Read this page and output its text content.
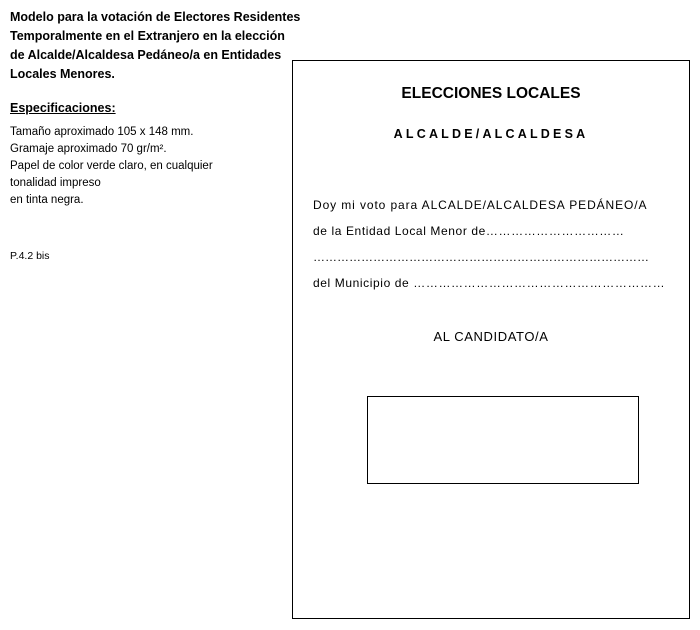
Modelo para la votación de Electores Residentes
Temporalmente en el Extranjero en la elección
de Alcalde/Alcaldesa Pedáneo/a en Entidades
Locales Menores.
Especificaciones:
Tamaño aproximado 105 x 148 mm.
Gramaje aproximado 70 gr/m².
Papel de color verde claro, en cualquier
tonalidad impreso
en tinta negra.
P.4.2 bis
ELECCIONES LOCALES
ALCALDE/ALCALDESA
Doy mi voto para ALCALDE/ALCALDESA PEDÁNEO/A
de la Entidad Local Menor de……………………………
…………………………………………………………………………
del Municipio de ……………………………………………………
AL CANDIDATO/A
